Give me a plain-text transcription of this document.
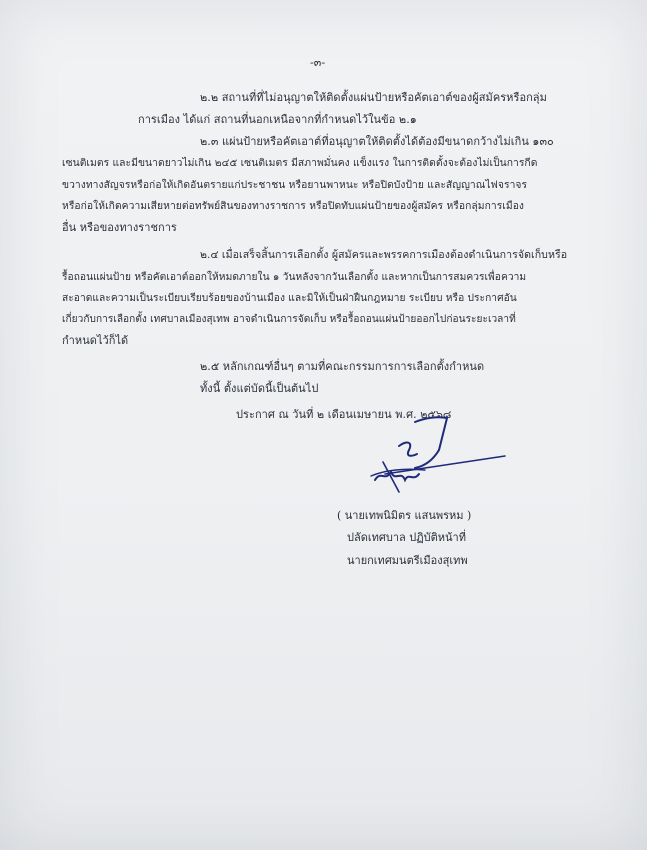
-๓-
๒.๒ สถานที่ที่ไม่อนุญาตให้ติดตั้งแผ่นป้ายหรือคัตเอาต์ของผู้สมัครหรือกลุ่ม
การเมือง ได้แก่ สถานที่นอกเหนือจากที่กำหนดไว้ในข้อ ๒.๑
๒.๓ แผ่นป้ายหรือคัตเอาต์ที่อนุญาตให้ติดตั้งได้ต้องมีขนาดกว้างไม่เกิน ๑๓๐
เซนติเมตร และมีขนาดยาวไม่เกิน ๒๔๕ เซนติเมตร มีสภาพมั่นคง แข็งแรง ในการติดตั้งจะต้องไม่เป็นการกีด
ขวางทางสัญจรหรือก่อให้เกิดอันตรายแก่ประชาชน หรือยานพาหนะ หรือปิดบังป้าย และสัญญาณไฟจราจร
หรือก่อให้เกิดความเสียหายต่อทรัพย์สินของทางราชการ หรือปิดทับแผ่นป้ายของผู้สมัคร หรือกลุ่มการเมือง
อื่น หรือของทางราชการ
๒.๔ เมื่อเสร็จสิ้นการเลือกตั้ง ผู้สมัครและพรรคการเมืองต้องดำเนินการจัดเก็บหรือ
รื้อถอนแผ่นป้าย หรือคัตเอาต์ออกให้หมดภายใน ๑ วันหลังจากวันเลือกตั้ง และหากเป็นการสมควรเพื่อความ
สะอาดและความเป็นระเบียบเรียบร้อยของบ้านเมือง และมิให้เป็นฝ่าฝืนกฎหมาย ระเบียบ หรือ ประกาศอัน
เกี่ยวกับการเลือกตั้ง เทศบาลเมืองสุเทพ อาจดำเนินการจัดเก็บ หรือรื้อถอนแผ่นป้ายออกไปก่อนระยะเวลาที่
กำหนดไว้ก็ได้
๒.๕ หลักเกณฑ์อื่นๆ ตามที่คณะกรรมการการเลือกตั้งกำหนด
ทั้งนี้ ตั้งแต่บัดนี้เป็นต้นไป
ประกาศ ณ วันที่ ๒ เดือนเมษายน พ.ศ. ๒๕๖๘
( นายเทพนิมิตร แสนพรหม )
ปลัดเทศบาล ปฏิบัติหน้าที่
นายกเทศมนตรีเมืองสุเทพ
